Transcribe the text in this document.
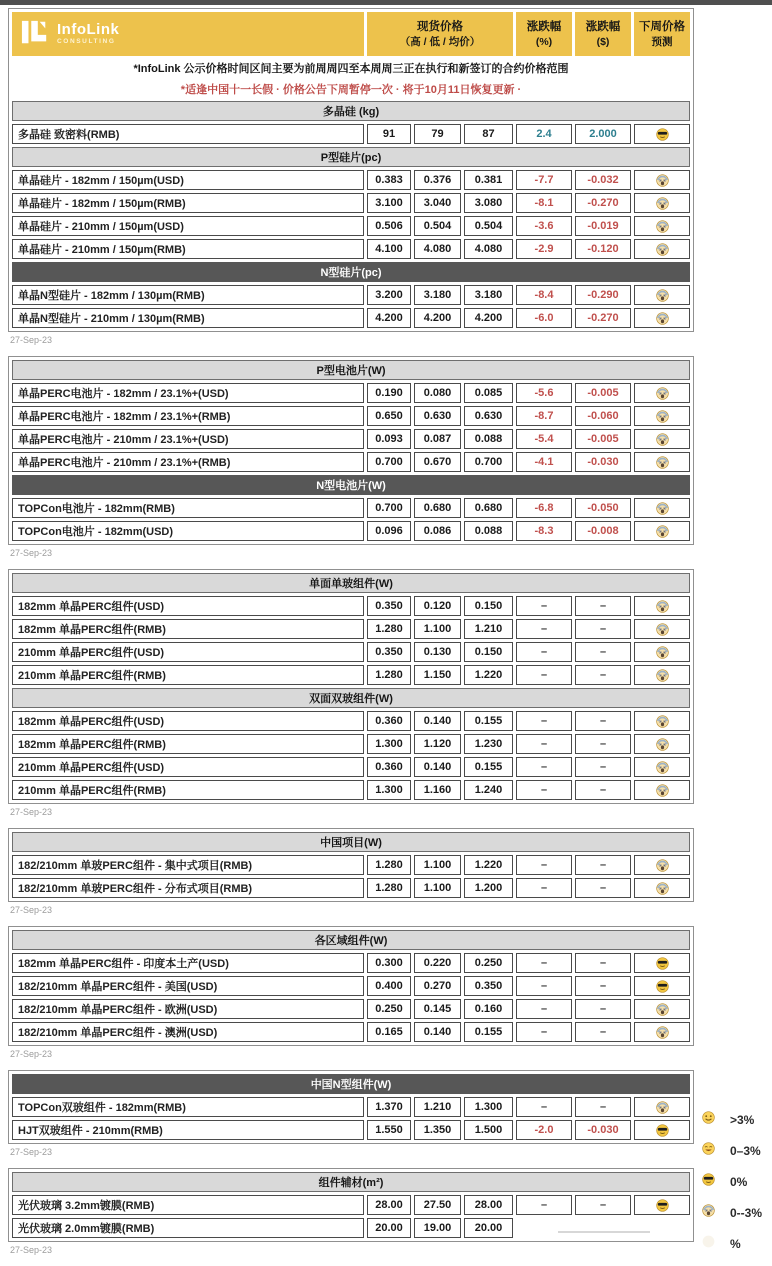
InfoLink
CONSULTING

现货价格
（高 / 低 / 均价）

涨跌幅
(%)

涨跌幅
($)

下周价格
预测

*InfoLink 公示价格时间区间主要为前周周四至本周周三正在执行和新签订的合约价格范围						
*适逢中国十一长假 · 价格公告下周暂停一次 · 将于10月11日恢复更新 ·						
多晶硅 (kg)						
多晶硅 致密料(RMB)	91	79	87	2.4	2.000	
P型硅片(pc)						
单晶硅片 - 182mm / 150µm(USD)	0.383	0.376	0.381	-7.7	-0.032	
单晶硅片 - 182mm / 150µm(RMB)	3.100	3.040	3.080	-8.1	-0.270	
单晶硅片 - 210mm / 150µm(USD)	0.506	0.504	0.504	-3.6	-0.019	
单晶硅片 - 210mm / 150µm(RMB)	4.100	4.080	4.080	-2.9	-0.120	
N型硅片(pc)						
单晶N型硅片 - 182mm / 130µm(RMB)	3.200	3.180	3.180	-8.4	-0.290	
单晶N型硅片 - 210mm / 130µm(RMB)	4.200	4.200	4.200	-6.0	-0.270	
27-Sep-23
P型电池片(W)						
单晶PERC电池片 - 182mm / 23.1%+(USD)	0.190	0.080	0.085	-5.6	-0.005	
单晶PERC电池片 - 182mm / 23.1%+(RMB)	0.650	0.630	0.630	-8.7	-0.060	
单晶PERC电池片 - 210mm / 23.1%+(USD)	0.093	0.087	0.088	-5.4	-0.005	
单晶PERC电池片 - 210mm / 23.1%+(RMB)	0.700	0.670	0.700	-4.1	-0.030	
N型电池片(W)						
TOPCon电池片 - 182mm(RMB)	0.700	0.680	0.680	-6.8	-0.050	
TOPCon电池片 - 182mm(USD)	0.096	0.086	0.088	-8.3	-0.008	
27-Sep-23
单面单玻组件(W)						
182mm 单晶PERC组件(USD)	0.350	0.120	0.150	–	–	
182mm 单晶PERC组件(RMB)	1.280	1.100	1.210	–	–	
210mm 单晶PERC组件(USD)	0.350	0.130	0.150	–	–	
210mm 单晶PERC组件(RMB)	1.280	1.150	1.220	–	–	
双面双玻组件(W)						
182mm 单晶PERC组件(USD)	0.360	0.140	0.155	–	–	
182mm 单晶PERC组件(RMB)	1.300	1.120	1.230	–	–	
210mm 单晶PERC组件(USD)	0.360	0.140	0.155	–	–	
210mm 单晶PERC组件(RMB)	1.300	1.160	1.240	–	–	
27-Sep-23
中国项目(W)						
182/210mm 单玻PERC组件 - 集中式项目(RMB)	1.280	1.100	1.220	–	–	
182/210mm 单玻PERC组件 - 分布式项目(RMB)	1.280	1.100	1.200	–	–	
27-Sep-23
各区域组件(W)						
182mm 单晶PERC组件 - 印度本土产(USD)	0.300	0.220	0.250	–	–	
182/210mm 单晶PERC组件 - 美国(USD)	0.400	0.270	0.350	–	–	
182/210mm 单晶PERC组件 - 欧洲(USD)	0.250	0.145	0.160	–	–	
182/210mm 单晶PERC组件 - 澳洲(USD)	0.165	0.140	0.155	–	–	
27-Sep-23
中国N型组件(W)						
TOPCon双玻组件 - 182mm(RMB)	1.370	1.210	1.300	–	–	
HJT双玻组件 - 210mm(RMB)	1.550	1.350	1.500	-2.0	-0.030	
27-Sep-23
>3%
0–3%
0%
0--3%
%
组件辅材(m²)						
光伏玻璃 3.2mm镀膜(RMB)	28.00	27.50	28.00	–	–	
光伏玻璃 2.0mm镀膜(RMB)	20.00	19.00	20.00			
27-Sep-23
